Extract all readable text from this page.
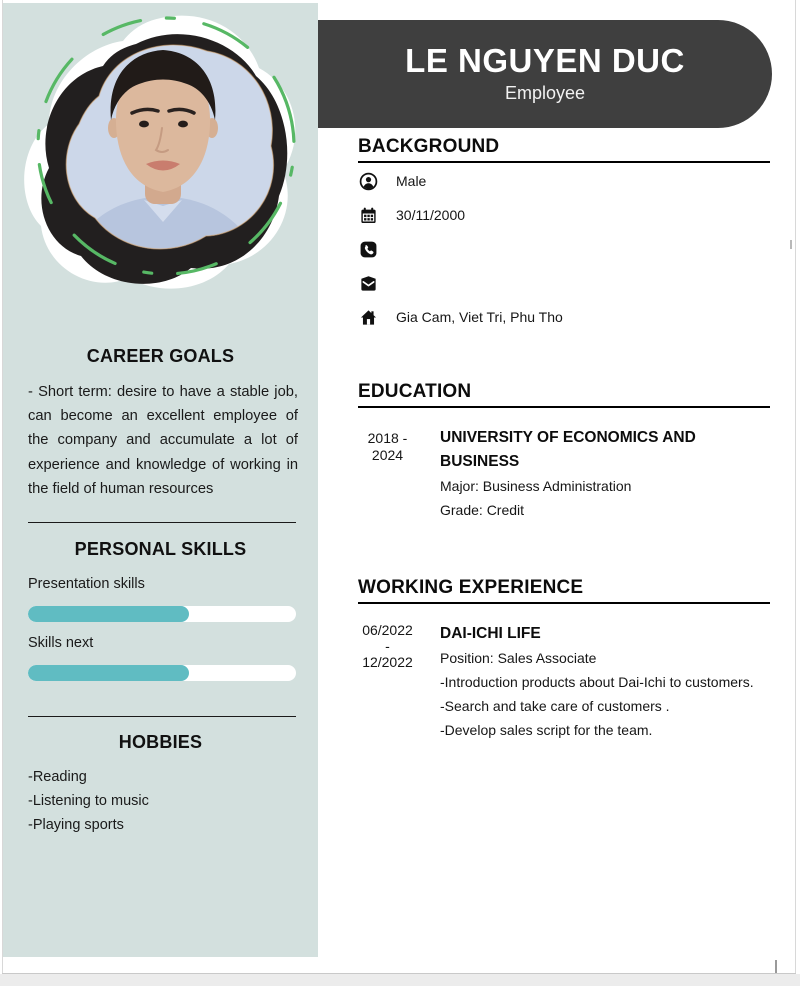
CAREER GOALS

- Short term: desire to have a stable job, can become an excellent employee of the company and accumulate a lot of experience and knowledge of working in the field of human resources

PERSONAL SKILLS
Presentation skills
Skills next
HOBBIES
-Reading
-Listening to music
-Playing sports
LE NGUYEN DUC
Employee
BACKGROUND
Male
30/11/2000
Gia Cam, Viet Tri, Phu Tho
EDUCATION
2018 -
2024
UNIVERSITY OF ECONOMICS AND BUSINESS
Major: Business Administration
Grade: Credit
WORKING EXPERIENCE
06/2022
-
12/2022
DAI-ICHI LIFE
Position: Sales Associate
-Introduction products about Dai-Ichi to customers.
-Search and take care of customers .
-Develop sales script for the team.
